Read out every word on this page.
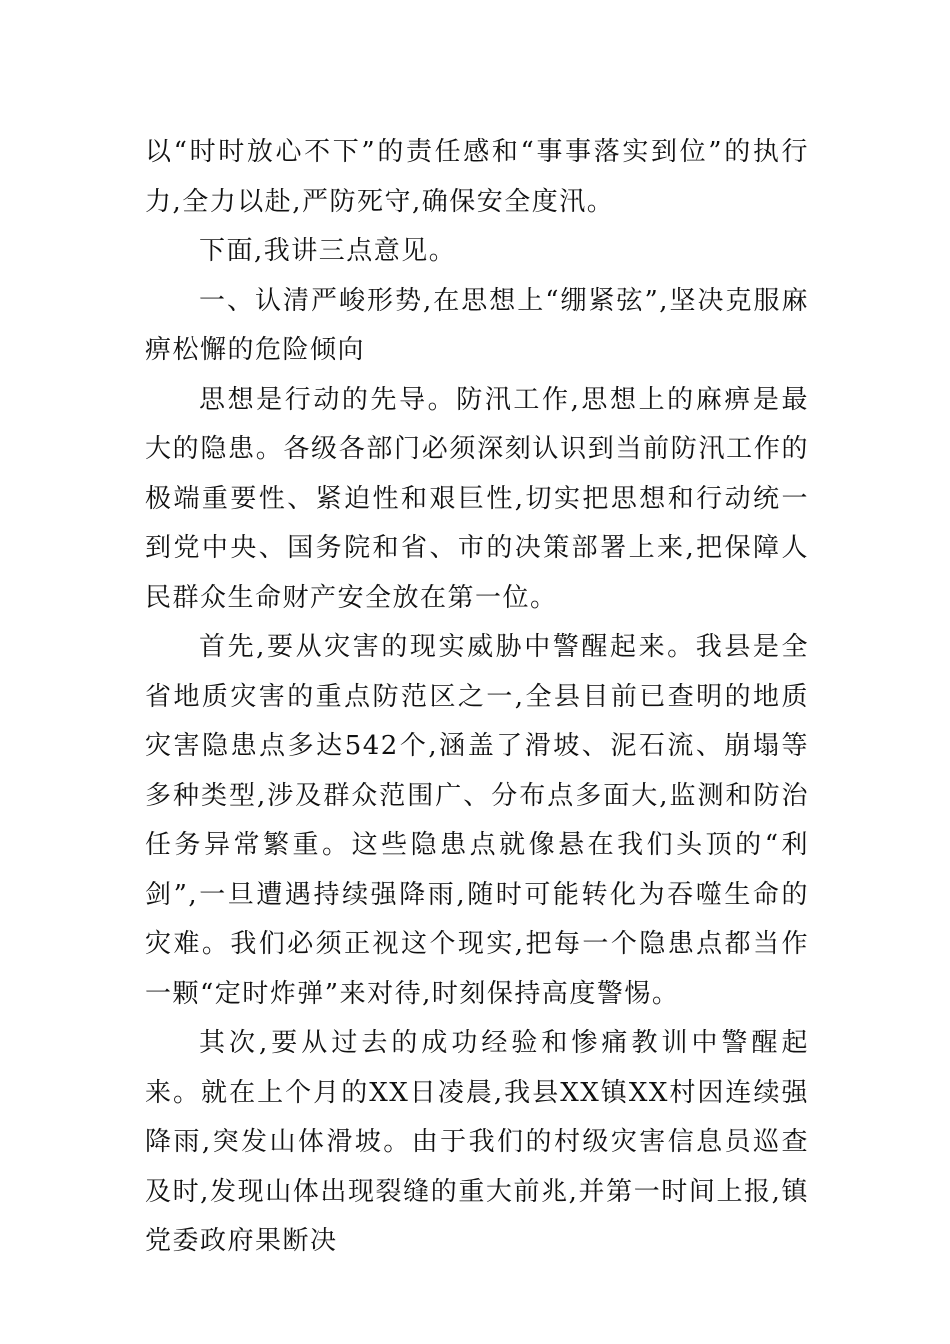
以“时时放心不下”的责任感和“事事落实到位”的执行力,全力以赴,严防死守,确保安全度汛。

下面,我讲三点意见。

一、认清严峻形势,在思想上“绷紧弦”,坚决克服麻痹松懈的危险倾向

思想是行动的先导。防汛工作,思想上的麻痹是最大的隐患。各级各部门必须深刻认识到当前防汛工作的极端重要性、紧迫性和艰巨性,切实把思想和行动统一到党中央、国务院和省、市的决策部署上来,把保障人民群众生命财产安全放在第一位。

首先,要从灾害的现实威胁中警醒起来。我县是全省地质灾害的重点防范区之一,全县目前已查明的地质灾害隐患点多达542个,涵盖了滑坡、泥石流、崩塌等多种类型,涉及群众范围广、分布点多面大,监测和防治任务异常繁重。这些隐患点就像悬在我们头顶的“利剑”,一旦遭遇持续强降雨,随时可能转化为吞噬生命的灾难。我们必须正视这个现实,把每一个隐患点都当作一颗“定时炸弹”来对待,时刻保持高度警惕。

其次,要从过去的成功经验和惨痛教训中警醒起来。就在上个月的XX日凌晨,我县XX镇XX村因连续强降雨,突发山体滑坡。由于我们的村级灾害信息员巡查及时,发现山体出现裂缝的重大前兆,并第一时间上报,镇党委政府果断决
